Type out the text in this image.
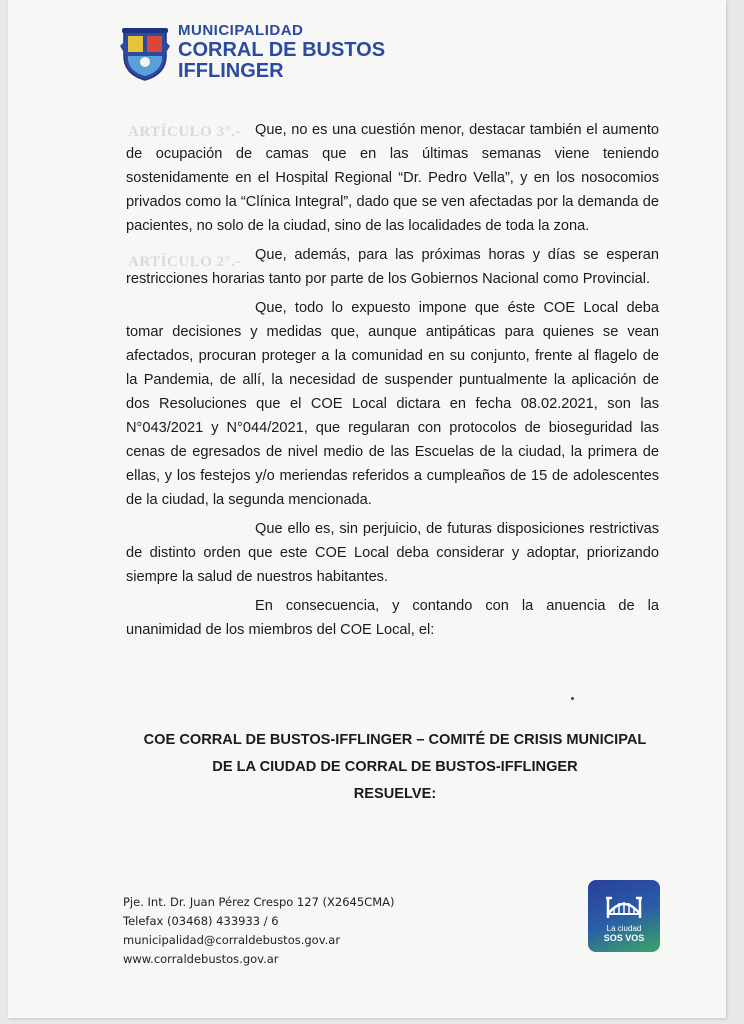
ARTÍCULO 3°.-
ARTÍCULO 2°.-
MUNICIPALIDAD
CORRAL DE BUSTOS
IFFLINGER

Que, no es una cuestión menor, destacar también el aumento de ocupación de camas que en las últimas semanas viene teniendo sostenidamente en el Hospital Regional “Dr. Pedro Vella”, y en los nosocomios privados como la “Clínica Integral”, dado que se ven afectadas por la demanda de pacientes, no solo de la ciudad, sino de las localidades de toda la zona.

Que, además, para las próximas horas y días se esperan restricciones horarias tanto por parte de los Gobiernos Nacional como Provincial.

Que, todo lo expuesto impone que éste COE Local deba tomar decisiones y medidas que, aunque antipáticas para quienes se vean afectados, procuran proteger a la comunidad en su conjunto, frente al flagelo de la Pandemia, de allí, la necesidad de suspender puntualmente la aplicación de dos Resoluciones que el COE Local dictara en fecha 08.02.2021, son las N°043/2021 y N°044/2021, que regularan con protocolos de bioseguridad las cenas de egresados de nivel medio de las Escuelas de la ciudad, la primera de ellas, y los festejos y/o meriendas referidos a cumpleaños de 15 de adolescentes de la ciudad, la segunda mencionada.

Que ello es, sin perjuicio, de futuras disposiciones restrictivas de distinto orden que este COE Local deba considerar y adoptar, priorizando siempre la salud de nuestros habitantes.

En consecuencia, y contando con la anuencia de la unanimidad de los miembros del COE Local, el:

COE CORRAL DE BUSTOS-IFFLINGER – COMITÉ DE CRISIS MUNICIPAL
DE LA CIUDAD DE CORRAL DE BUSTOS-IFFLINGER
RESUELVE:
Pje. Int. Dr. Juan Pérez Crespo 127 (X2645CMA)
Telefax (03468) 433933 / 6
municipalidad@corraldebustos.gov.ar
www.corraldebustos.gov.ar
La ciudad
SOS VOS
